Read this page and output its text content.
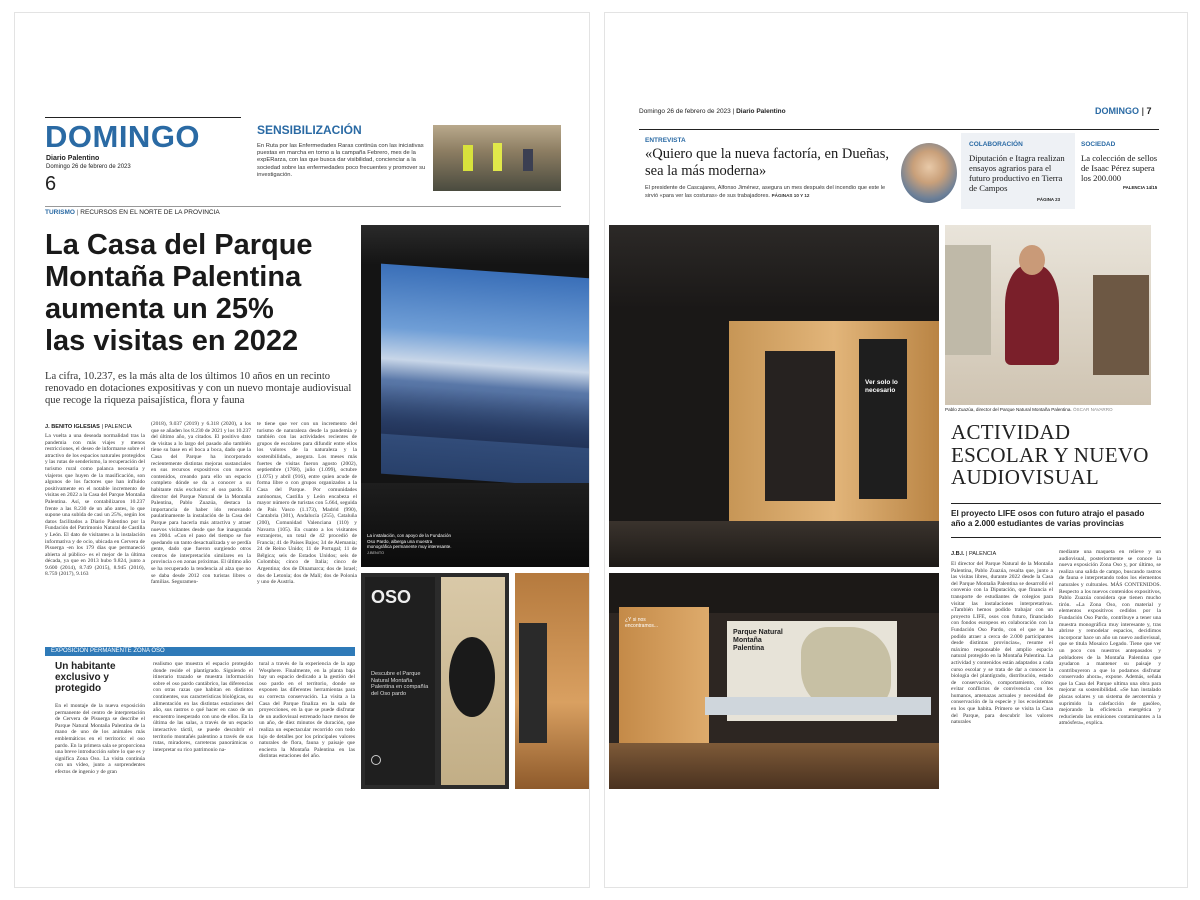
DOMINGO
Diario Palentino
Domingo 26 de febrero de 2023
6
SENSIBILIZACIÓN
En Ruta por las Enfermedades Raras continúa con las iniciativas puestas en marcha en torno a la campaña Febrero, mes de la expERarza, con las que busca dar visibilidad, concienciar a la sociedad sobre las enfermedades poco frecuentes y promover su investigación.
TURISMO | RECURSOS EN EL NORTE DE LA PROVINCIA
La Casa del Parque
Montaña Palentina
aumenta un 25%
las visitas en 2022
La cifra, 10.237, es la más alta de los últimos 10 años en un recinto renovado en dotaciones expositivas y con un nuevo montaje audiovisual que recoge la riqueza paisajística, flora y fauna
J. BENITO IGLESIAS | PALENCIA
La vuelta a una deseada normalidad tras la pandemia con más viajes y menos restricciones, el deseo de informarse sobre el atractivo de los espacios naturales protegidos y las rutas de senderismo, la recuperación del turismo rural como palanca necesaria y viajeros que huyen de la masificación, son algunos de los factores que han influido positivamente en el notable incremento de visitas en 2022 a la Casa del Parque Montaña Palentina. Así, se contabilizaron 10.237 frente a las 8.230 de un año antes, lo que supone una subida de casi un 25%, según los datos facilitados a Diario Palentino por la Fundación del Patrimonio Natural de Castilla y León. El dato de visitantes a la instalación informativa y de ocio, ubicada en Cervera de Pisuerga -en los 179 días que permaneció abierta al público- es el mejor de la última década, ya que en 2013 hubo 9.824, junto a 9.600 (2014), 8.749 (2015), 8.945 (2016), 8.759 (2017), 9.163
(2018), 9.037 (2019) y 6.318 (2020), a los que se añaden los 8.230 de 2021 y los 10.237 del último año, ya citados. El positivo dato de visitas a lo largo del pasado año también tiene su base en el boca a boca, dado que la Casa del Parque ha incorporado recientemente distintas mejoras sustanciales en sus recursos expositivos con nuevos contenidos, creando para ello un espacio completo dónde se da a conocer a su habitante más exclusivo: el oso pardo. El director del Parque Natural de la Montaña Palentina, Pablo Zuazúa, destaca la importancia de haber ido renovando paulatinamente la instalación de la Casa del Parque para hacerla más atractiva y atraer nuevos visitantes desde que fue inaugurada en 2004. «Con el paso del tiempo se fue quedando un tanto desactualizada y se perdía gente, dado que fueron surgiendo otros centros de interpretación similares en la provincia o en zonas próximas. El último año se ha recuperado la tendencia al alza que no se daba desde 2012 con turistas libres o familias. Seguramen-
te tiene que ver con un incremento del turismo de naturaleza desde la pandemia y también con las actividades recientes de grupos de escolares para difundir entre ellos los valores de la naturaleza y la sostenibilidad», asegura. Los meses más fuertes de visitas fueron agosto (2002), septiembre (1768), julio (1.099), octubre (1.075) y abril (916), entre quien acude de forma libre o con grupos organizados a la Casa del Parque. Por comunidades autónomas, Castilla y León encabeza el mayor número de turistas con 5.664, seguida de País Vasco (1.173), Madrid (990), Cantabria (301), Andalucía (255), Cataluña (200), Comunidad Valenciana (110) y Navarra (105). En cuanto a los visitantes extranjeros, un total de 42 procedió de Francia; 41 de Países Bajos; 34 de Alemania; 24 de Reino Unido; 11 de Portugal; 11 de Bélgica; seis de Estados Unidos; seis de Colombia; cinco de Italia; cinco de Argentina; dos de Dinamarca; dos de Israel; dos de Letonia; dos de Malí; dos de Polonia y uno de Austria.
La instalación, con apoyo de la Fundación Oso Pardo, alberga una muestra monográfica permanente muy interesante. J.BENITO
OSO
Descubre el Parque Natural Montaña Palentina en compañía del Oso pardo
EXPOSICIÓN PERMANENTE ZONA OSO
Un habitante
exclusivo y
protegido
En el montaje de la nueva exposición permanente del centro de interpretación de Cervera de Pisuerga se describe el Parque Natural Montaña Palentina de la mano de uno de los animales más emblemáticos en el territorio: el oso pardo. En la primera sala se proporciona una breve introducción sobre lo que es y significa Zona Oso. La visita continúa con un vídeo, junto a sorprendentes efectos de ingenio y de gran
realismo que muestra el espacio protegido donde reside el plantígrado. Siguiendo el itinerario trazado se muestra información sobre el oso pardo cantábrico, las diferencias con otras razas que habitan en distintos continentes, sus características biológicas, su alimentación en las distintas estaciones del año, sus rastros o qué hacer en caso de un encuentro inesperado con uno de ellos. En la última de las salas, a través de un espacio interactivo táctil, se puede descubrir el territorio montañés palentino a través de sus rutas, miradores, carreteras panorámicas o interpretar su rico patrimonio na-
tural a través de la experiencia de la app Wosphere. Finalmente, en la planta baja hay un espacio dedicado a la gestión del oso pardo en el territorio, donde se exponen las diferentes herramientas para su correcta conservación. La visita a la Casa del Parque finaliza en la sala de proyecciones, en la que se puede disfrutar de un audiovisual estrenado hace menos de un año, de diez minutos de duración, que realiza un espectacular recorrido con todo lujo de detalles por los principales valores naturales de flora, fauna y paisaje que encierra la Montaña Palentina en las distintas estaciones del año.
Domingo 26 de febrero de 2023 | Diario Palentino	DOMINGO | 7
ENTREVISTA
«Quiero que la nueva factoría, en Dueñas, sea la más moderna»
El presidente de Cascajares, Alfonso Jiménez, asegura un mes después del incendio que este le sirvió «para ver las costuras» de sus trabajadores. PÁGINAS 10 Y 12
COLABORACIÓN
Diputación e Itagra realizan ensayos agrarios para el futuro productivo en Tierra de Campos
PÁGINA 23
SOCIEDAD
La colección de sellos de Isaac Pérez supera los 200.000
PALENCIA 14/15
Ver solo lo necesario
Pablo Zuazúa, director del Parque Natural Montaña Palentina. ÓSCAR NAVARRO
ACTIVIDAD
ESCOLAR Y NUEVO
AUDIOVISUAL
El proyecto LIFE osos con futuro atrajo el pasado año a 2.000 estudiantes de varias provincias
J.B.I. | PALENCIA
El director del Parque Natural de la Montaña Palentina, Pablo Zuazúa, resalta que, junto a las visitas libres, durante 2022 desde la Casa del Parque Montaña Palentina se desarrolló el convenio con la Diputación, que financia el transporte de estudiantes de colegios para visitar las instalaciones interpretativas. «También hemos podido trabajar con un proyecto LIFE, osos con futuro, financiado con fondos europeos en colaboración con la Fundación Oso Pardo, con el que se ha podido atraer a cerca de 2.000 participantes desde distintas provincias», resume el máximo responsable del amplio espacio natural protegido en la Montaña Palentina. La actividad y contenidos están adaptados a cada curso escolar y se trata de dar a conocer la biología del plantígrado, distribución, estado de conservación, comportamiento, cómo evitar conflictos de convivencia con los humanos, amenazas actuales y necesidad de conservación de la especie y los ecosistemas en los que habita. Primero se visita la Casa del Parque, para descubrir los valores naturales
mediante una maqueta en relieve y un audiovisual, posteriormente se conoce la nueva exposición Zona Oso y, por último, se realiza una salida de campo, buscando rastros de fauna e interpretando todos los elementos naturales y culturales. MÁS CONTENIDOS. Respecto a los nuevos contenidos expositivos, Pablo Zuazúa considera que tienen mucho tirón. «La Zona Oso, con material y elementos expositivos cedidos por la Fundación Oso Pardo, contribuye a tener una muestra monográfica muy interesante y, tras abrirse y remodelar espacios, decidimos incorporar hace un año un nuevo audiovisual, que se titula Mosaico Legado. Tiene que ver un poco con nuestros antepasados y pobladores de la Montaña Palentina que ayudaron a mantener su paisaje y contribuyeron a que lo podamos disfrutar conservado ahora», expone. Además, señala que la Casa del Parque ultima una obra para mejorar su sostenibilidad. «Se han instalado placas solares y un sistema de aerotermia y suprimido la calefacción de gasóleo, mejorando la eficiencia energética y reduciendo las emisiones contaminantes a la atmósfera», explica.
¿Y si nos encontramos...
Parque Natural Montaña Palentina
